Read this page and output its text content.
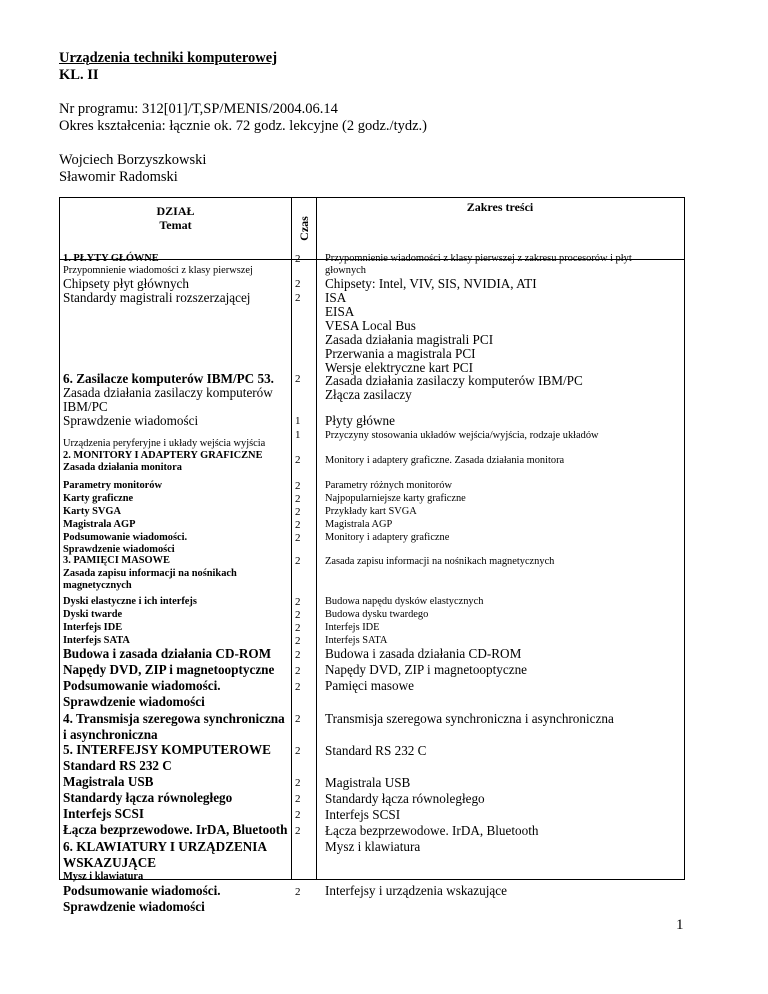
Urządzenia techniki komputerowej
KL. II
Nr programu: 312[01]/T,SP/MENIS/2004.06.14
Okres kształcenia: łącznie ok. 72 godz. lekcyjne (2 godz./tydz.)
Wojciech Borzyszkowski
Sławomir Radomski
DZIAŁ
Temat	Czas
Zakres treści
1. PŁYTY GŁÓWNE
Przypomnienie wiadomości z klasy pierwszej
Chipsety płyt głównych
Standardy magistrali rozszerzającej
6. Zasilacze komputerów IBM/PC 53.
Zasada działania zasilaczy komputerów IBM/PC
Sprawdzenie wiadomości
Urządzenia peryferyjne i układy wejścia wyjścia
2. MONITORY I ADAPTERY GRAFICZNE
Zasada działania monitora
Parametry monitorów
Karty graficzne
Karty SVGA
Magistrala AGP
Podsumowanie wiadomości.
Sprawdzenie wiadomości
3. PAMIĘCI MASOWE
Zasada zapisu informacji na nośnikach magnetycznych
Dyski elastyczne i ich interfejs
Dyski twarde
Interfejs IDE
Interfejs SATA
Budowa i zasada działania CD-ROM
Napędy DVD, ZIP i magnetooptyczne
Podsumowanie wiadomości.
Sprawdzenie wiadomości
4. Transmisja szeregowa synchroniczna i asynchroniczna
5. INTERFEJSY KOMPUTEROWE
Standard RS 232 C
Magistrala USB
Standardy łącza równoległego
Interfejs SCSI
Łącza bezprzewodowe. IrDA, Bluetooth
6. KLAWIATURY I URZĄDZENIA WSKAZUJĄCE
Mysz i klawiatura
Podsumowanie wiadomości.
Sprawdzenie wiadomości
2
2
2
2
1
1
2
2
2
2
2
2
2
2
2
2
2
2
2
2
2
2
2
2
2
2
2
Przypomnienie wiadomości z klasy pierwszej z zakresu procesorów i płyt głownych
Chipsety: Intel, VIV, SIS, NVIDIA, ATI
ISA
EISA
VESA Local Bus
Zasada działania magistrali PCI
Przerwania a magistrala PCI
Wersje elektryczne kart PCI
Zasada działania zasilaczy komputerów IBM/PC
Złącza zasilaczy
Płyty główne
Przyczyny stosowania układów wejścia/wyjścia, rodzaje układów
Monitory i adaptery graficzne. Zasada działania monitora
Parametry różnych monitorów
Najpopularniejsze karty graficzne
Przykłady kart SVGA
Magistrala AGP
Monitory i adaptery graficzne
Zasada zapisu informacji na nośnikach magnetycznych
Budowa napędu dysków elastycznych
Budowa dysku twardego
Interfejs IDE
Interfejs SATA
Budowa i zasada działania CD-ROM
Napędy DVD, ZIP i magnetooptyczne
Pamięci masowe
Transmisja szeregowa synchroniczna i asynchroniczna
Standard RS 232 C
Magistrala USB
Standardy łącza równoległego
Interfejs SCSI
Łącza bezprzewodowe. IrDA, Bluetooth
Mysz i klawiatura
Interfejsy i urządzenia wskazujące
1
